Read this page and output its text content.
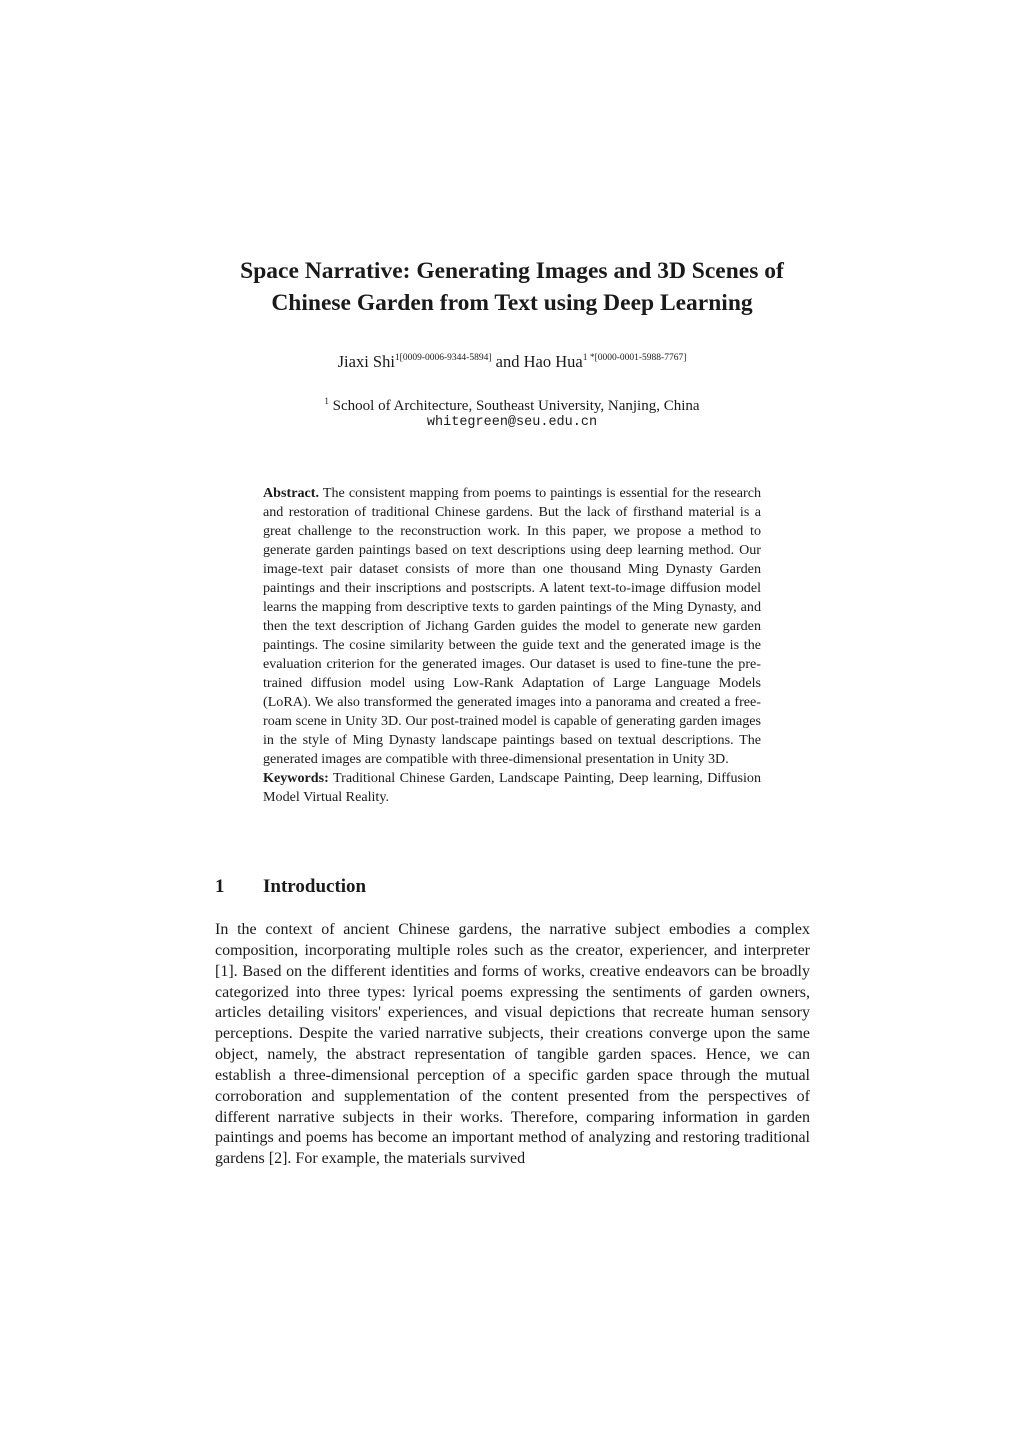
Space Narrative: Generating Images and 3D Scenes of
Chinese Garden from Text using Deep Learning
Jiaxi Shi$^{1[0009-0006-9344-5894]}$ and Hao Hua$^{1 *[0000-0001-5988-7767]}$
$^1$ School of Architecture, Southeast University, Nanjing, China
whitegreen@seu.edu.cn

Abstract. The consistent mapping from poems to paintings is essential for the research and restoration of traditional Chinese gardens. But the lack of firsthand material is a great challenge to the reconstruction work. In this paper, we propose a method to generate garden paintings based on text descriptions using deep learning method. Our image-text pair dataset consists of more than one thousand Ming Dynasty Garden paintings and their inscriptions and postscripts. A latent text-to-image diffusion model learns the mapping from descriptive texts to garden paintings of the Ming Dynasty, and then the text description of Jichang Garden guides the model to generate new garden paintings. The cosine similarity between the guide text and the generated image is the evaluation criterion for the generated images. Our dataset is used to fine-tune the pre-trained diffusion model using Low-Rank Adaptation of Large Language Models (LoRA). We also transformed the generated images into a panorama and created a free-roam scene in Unity 3D. Our post-trained model is capable of generating garden images in the style of Ming Dynasty landscape paintings based on textual descriptions. The generated images are compatible with three-dimensional presentation in Unity 3D.

Keywords: Traditional Chinese Garden, Landscape Painting, Deep learning, Diffusion Model Virtual Reality.

1 Introduction

In the context of ancient Chinese gardens, the narrative subject embodies a complex composition, incorporating multiple roles such as the creator, experiencer, and interpreter [1]. Based on the different identities and forms of works, creative endeavors can be broadly categorized into three types: lyrical poems expressing the sentiments of garden owners, articles detailing visitors' experiences, and visual depictions that recreate human sensory perceptions. Despite the varied narrative subjects, their creations converge upon the same object, namely, the abstract representation of tangible garden spaces. Hence, we can establish a three-dimensional perception of a specific garden space through the mutual corroboration and supplementation of the content presented from the perspectives of different narrative subjects in their works. Therefore, comparing information in garden paintings and poems has become an important method of analyzing and restoring traditional gardens [2]. For example, the materials survived
